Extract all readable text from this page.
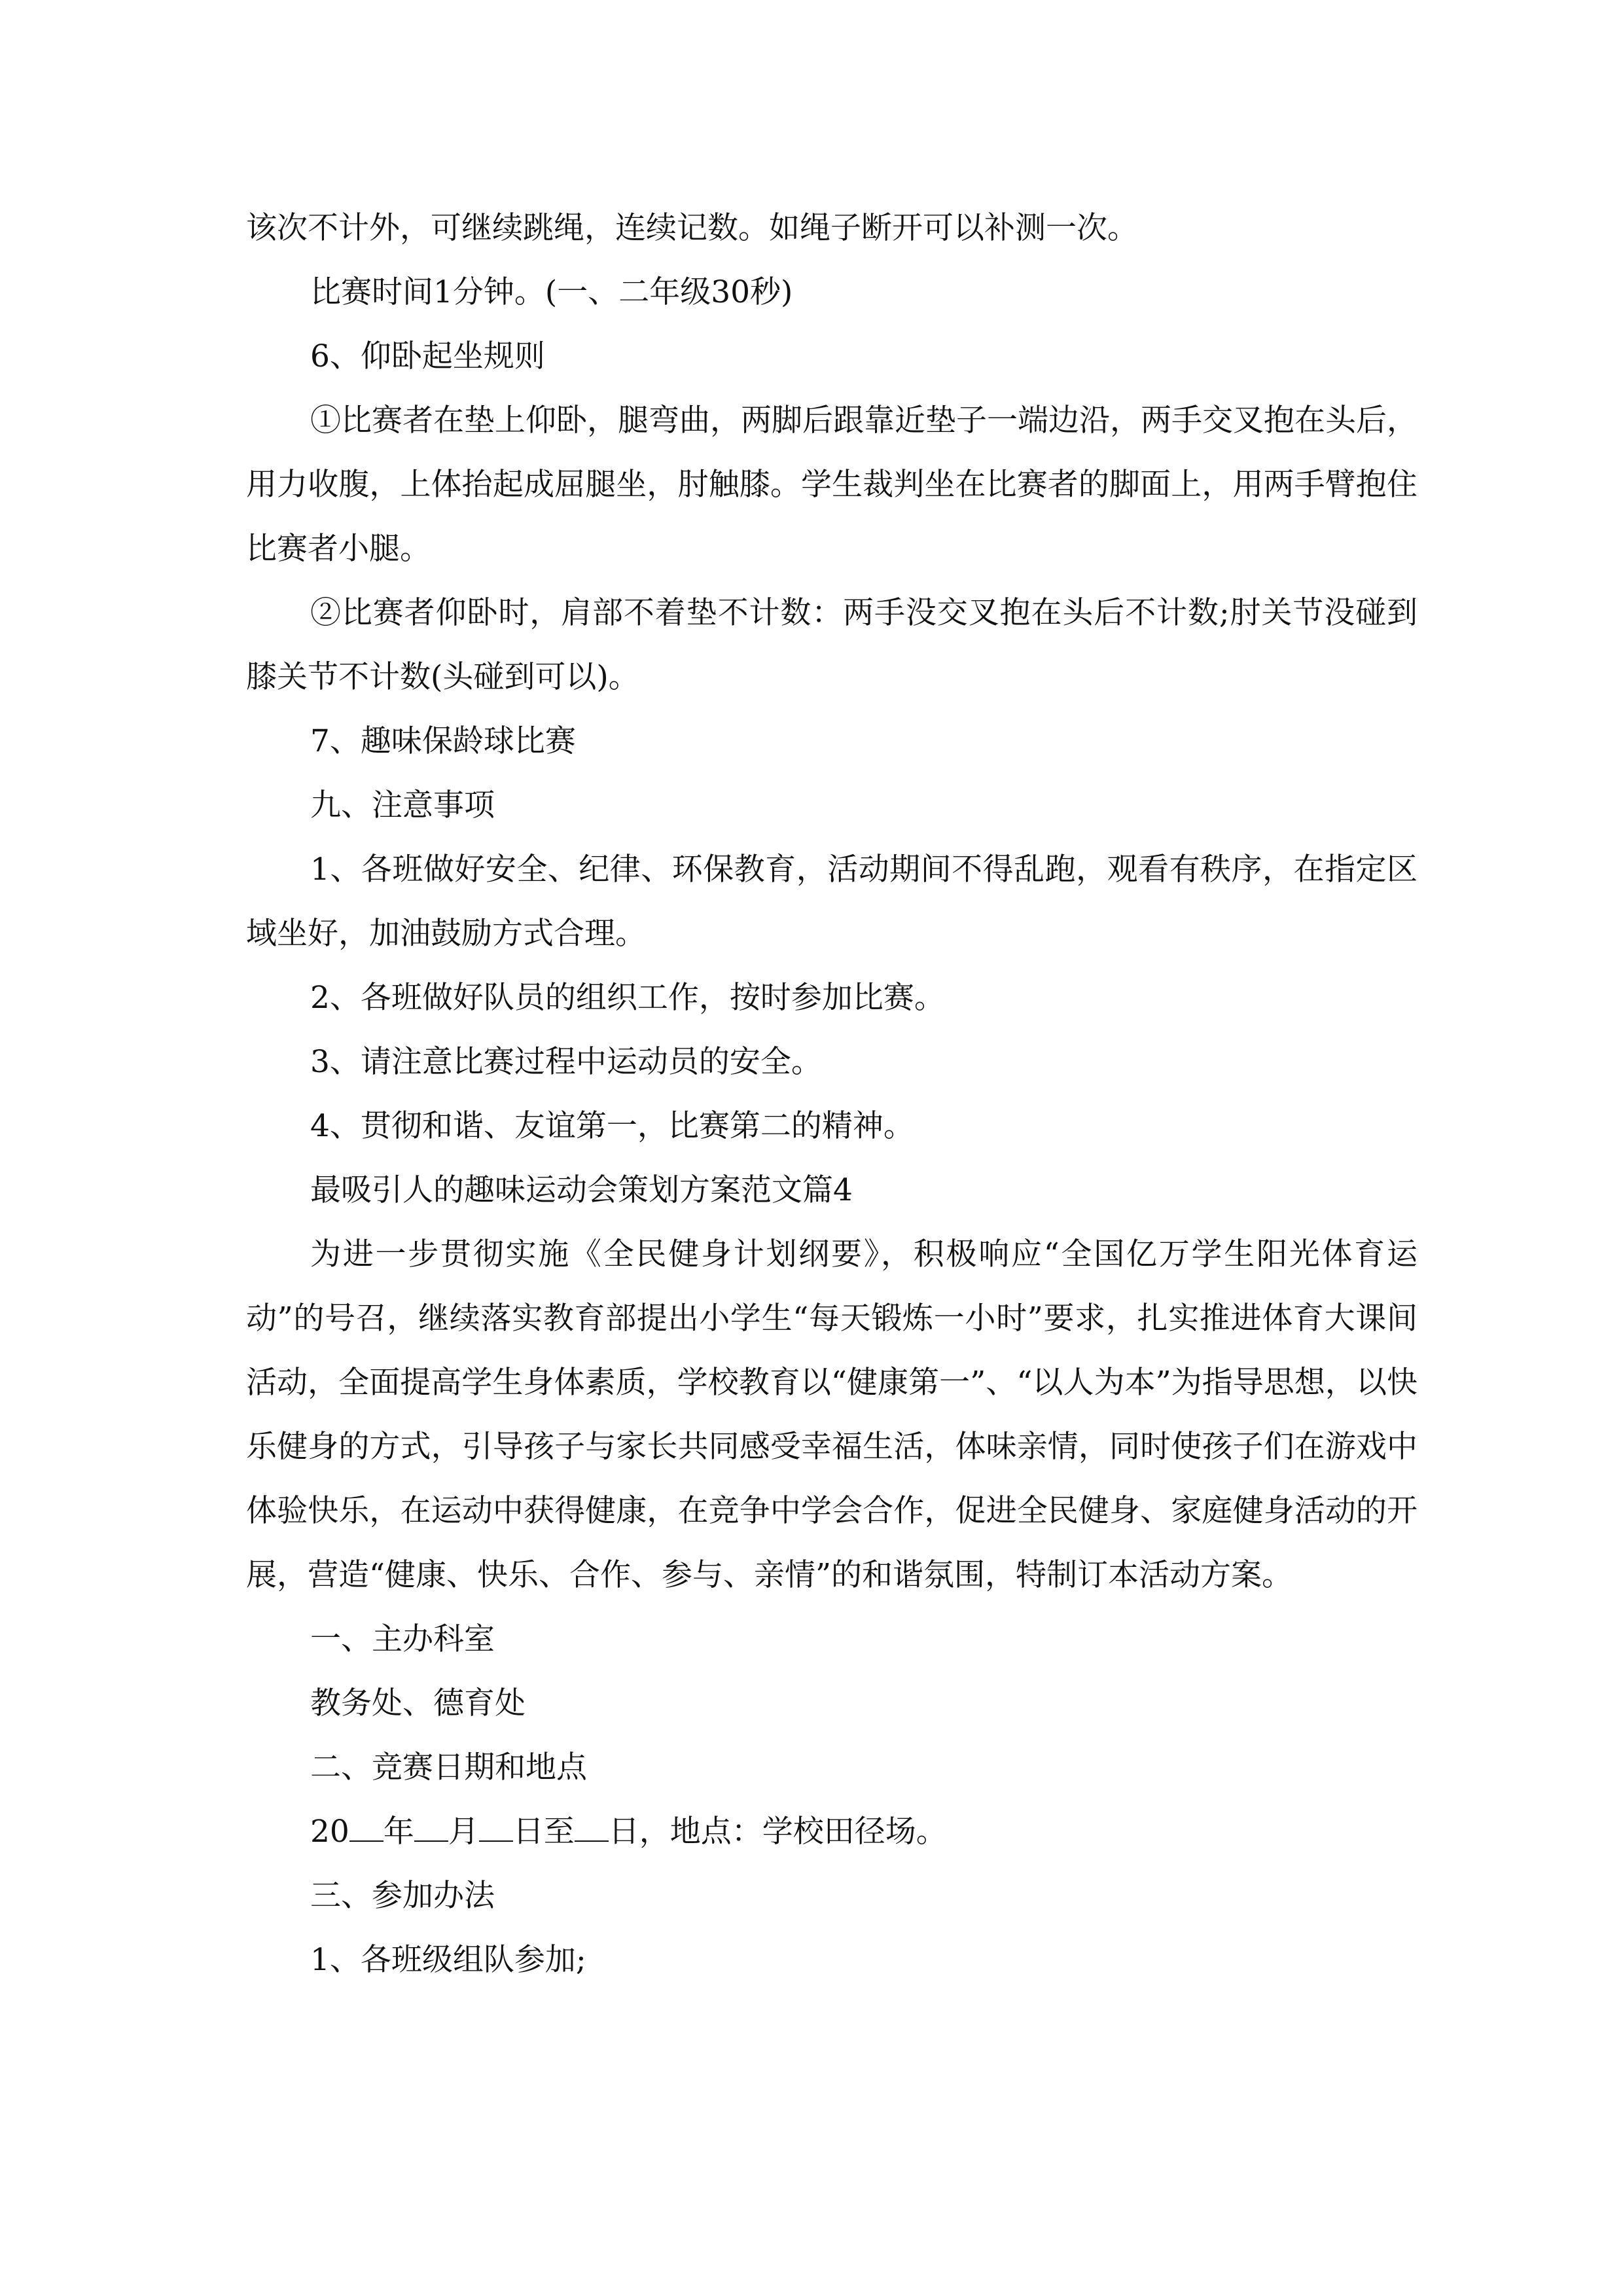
该次不计外，可继续跳绳，连续记数。如绳子断开可以补测一次。

比赛时间1分钟。(一、二年级30秒)

6、仰卧起坐规则

①比赛者在垫上仰卧，腿弯曲，两脚后跟靠近垫子一端边沿，两手交叉抱在头后，用力收腹，上体抬起成屈腿坐，肘触膝。学生裁判坐在比赛者的脚面上，用两手臂抱住比赛者小腿。

②比赛者仰卧时，肩部不着垫不计数：两手没交叉抱在头后不计数;肘关节没碰到膝关节不计数(头碰到可以)。

7、趣味保龄球比赛

九、注意事项

1、各班做好安全、纪律、环保教育，活动期间不得乱跑，观看有秩序，在指定区域坐好，加油鼓励方式合理。

2、各班做好队员的组织工作，按时参加比赛。

3、请注意比赛过程中运动员的安全。

4、贯彻和谐、友谊第一，比赛第二的精神。

最吸引人的趣味运动会策划方案范文篇4

为进一步贯彻实施《全民健身计划纲要》，积极响应“全国亿万学生阳光体育运动”的号召，继续落实教育部提出小学生“每天锻炼一小时”要求，扎实推进体育大课间活动，全面提高学生身体素质，学校教育以“健康第一”、“以人为本”为指导思想，以快乐健身的方式，引导孩子与家长共同感受幸福生活，体味亲情，同时使孩子们在游戏中体验快乐，在运动中获得健康，在竞争中学会合作，促进全民健身、家庭健身活动的开展，营造“健康、快乐、合作、参与、亲情”的和谐氛围，特制订本活动方案。

一、主办科室

教务处、德育处

二、竞赛日期和地点

20 年 月 日至 日，地点：学校田径场。

三、参加办法

1、各班级组队参加;
